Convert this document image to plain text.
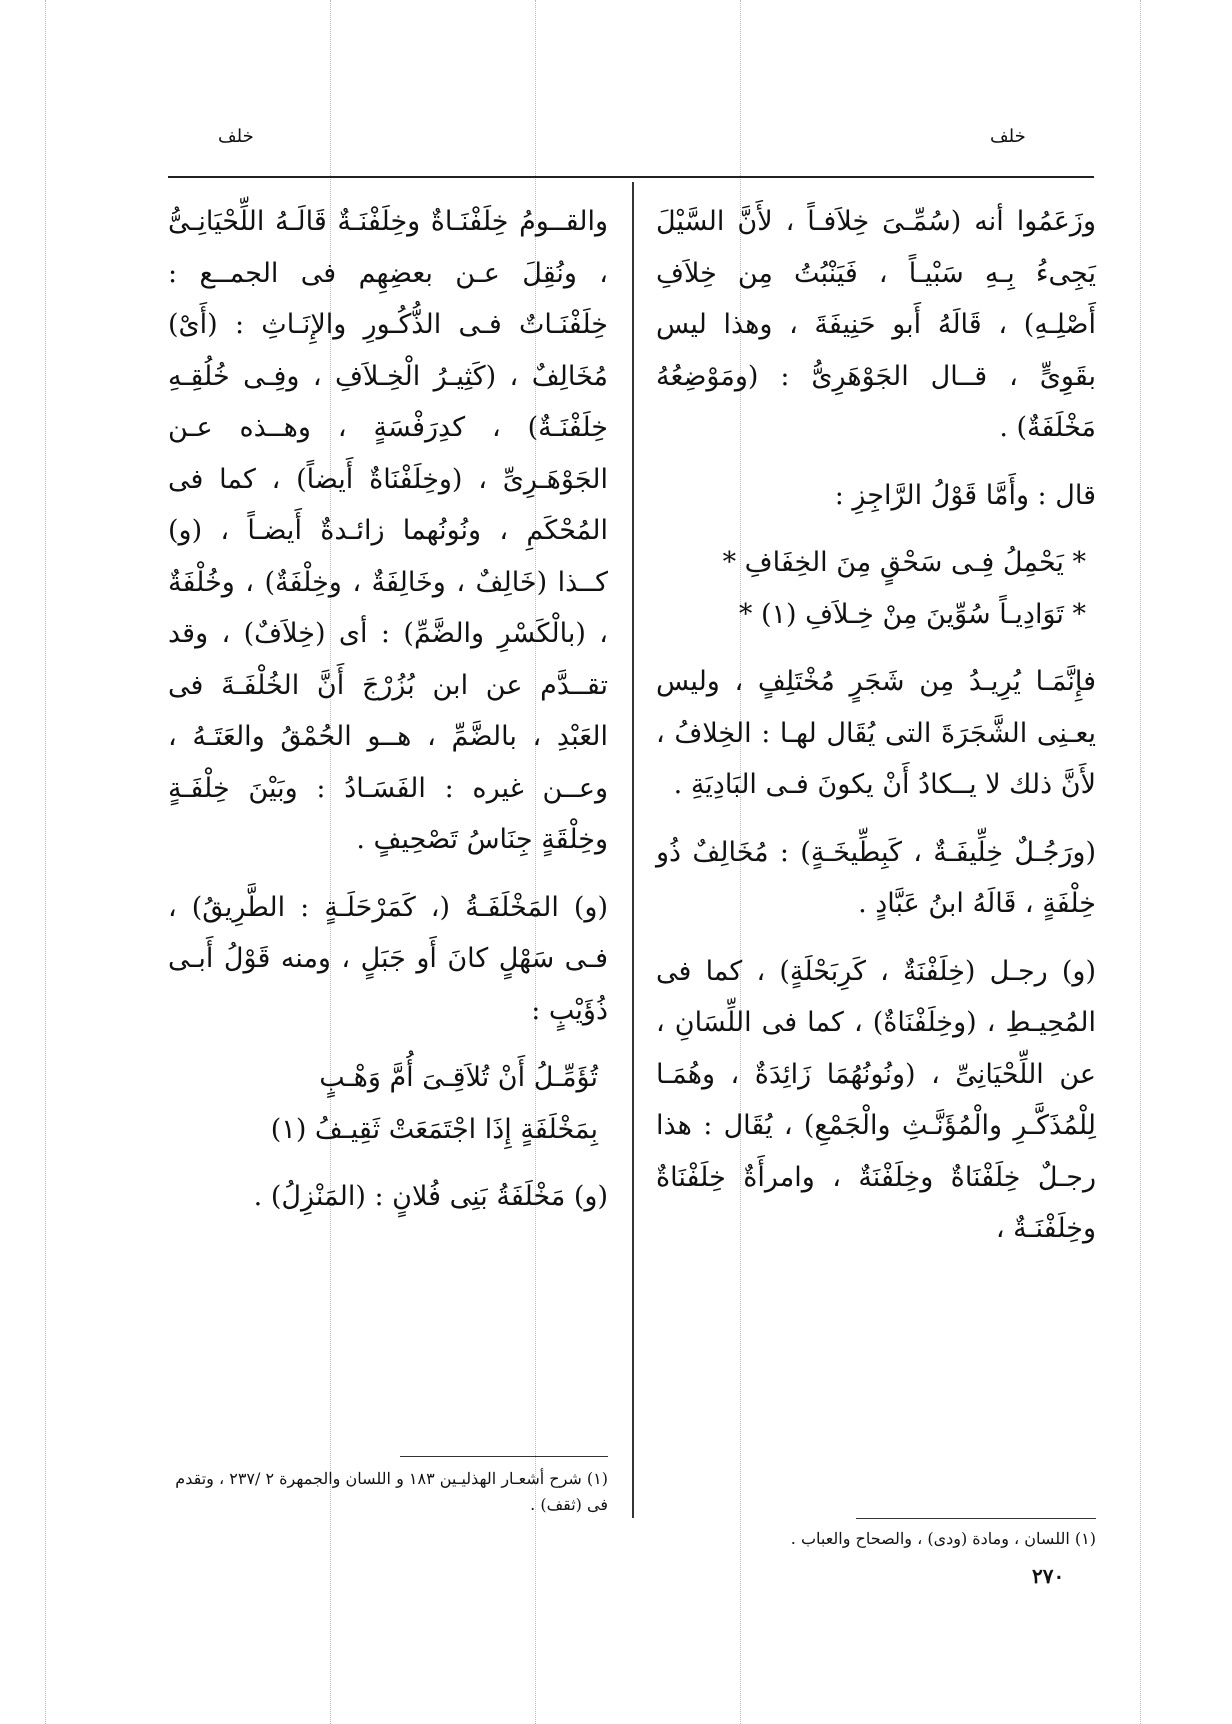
خلف	خلف

وزَعَمُوا أنه (سُمِّـىَ خِلاَفـاً ، لأَنَّ السَّيْلَ يَجِىءُ بِـهِ سَبْيـاً ، فَيَنْبُتُ مِن خِلاَفِ أَصْلِـهِ) ، قَالَهُ أَبو حَنِيفَةَ ، وهذا ليس بقَوِىٍّ ، قــال الجَوْهَرِىُّ : (ومَوْضِعُهُ مَخْلَفَةٌ) .

قال : وأَمَّا قَوْلُ الرَّاجِزِ :

* يَحْمِلُ فِـى سَحْقٍ مِنَ الخِفَافِ *

* تَوَادِيـاً سُوِّينَ مِنْ خِـلاَفِ (١) *

فإِنَّمَـا يُرِيـدُ مِن شَجَرٍ مُخْتَلِفٍ ، وليس يعـنِى الشَّجَرَةَ التى يُقَال لهـا : الخِلافُ ، لأَنَّ ذلك لا يــكادُ أَنْ يكونَ فـى البَادِيَةِ .

(ورَجُـلٌ خِلِّيفَـةٌ ، كَبِطِّيخَـةٍ) : مُخَالِفٌ ذُو خِلْفَةٍ ، قَالَهُ ابنُ عَبَّادٍ .

(و) رجـل (خِلَفْنَةٌ ، كَرِبَحْلَةٍ) ، كما فى المُحِيـطِ ، (وخِلَفْنَاةٌ) ، كما فى اللِّسَانِ ، عن اللِّحْيَانِىِّ ، (ونُونُهُمَا زَائِدَةٌ ، وهُمَـا لِلْمُذَكَّـرِ والْمُؤَنَّـثِ والْجَمْعِ) ، يُقَال : هذا رجـلٌ خِلَفْنَاةٌ وخِلَفْنَةٌ ، وامرأَةٌ خِلَفْنَاةٌ وخِلَفْنَـةٌ ،

والقــومُ خِلَفْنَـاةٌ وخِلَفْنَـةٌ قَالَـهُ اللِّحْيَانِـىُّ ، ونُقِلَ عـن بعضِهِم فى الجمــع : خِلَفْنَـاتٌ فـى الذُّكُـورِ والإِنَـاثِ : (أَىْ) مُخَالِفٌ ، (كَثِيـرُ الْخِـلاَفِ ، وفِـى خُلُقِـهِ خِلَفْنَـةٌ) ، كدِرَفْسَةٍ ، وهــذه عـن الجَوْهَـرِىِّ ، (وخِلَفْنَاةٌ أَيضاً) ، كما فى المُحْكَمِ ، ونُونُهما زائـدةٌ أَيضـاً ، (و) كــذا (خَالِفٌ ، وخَالِفَةٌ ، وخِلْفَةٌ) ، وخُلْفَةٌ ، (بالْكَسْرِ والضَّمِّ) : أى (خِلاَفٌ) ، وقد تقــدَّم عن ابن بُزُرْجَ أَنَّ الخُلْفَـةَ فى العَبْدِ ، بالضَّمِّ ، هــو الحُمْقُ والعَتَـهُ ، وعــن غيره : الفَسَـادُ : وبَيْنَ خِلْفَـةٍ وخِلْقَةٍ جِنَاسُ تَصْحِيفٍ .

(و) المَخْلَفَـةُ (، كَمَرْحَلَـةٍ : الطَّرِيقُ) ، فـى سَهْلٍ كانَ أَو جَبَلٍ ، ومنه قَوْلُ أَبـى ذُؤَيْبٍ :

تُؤَمِّـلُ أَنْ تُلاَقِـىَ أُمَّ وَهْـبٍ

بِمَخْلَفَةٍ إِذَا اجْتَمَعَتْ ثَقِيـفُ (١)

(و) مَخْلَفَةُ بَنِى فُلانٍ : (المَنْزِلُ) .

(١) شرح أشعـار الهذليـين ١٨٣ و اللسان والجمهرة ٢ /٢٣٧ ، وتقدم فى (ثقف) .
(١) اللسان ، ومادة (ودى) ، والصحاح والعباب .
٢٧٠
